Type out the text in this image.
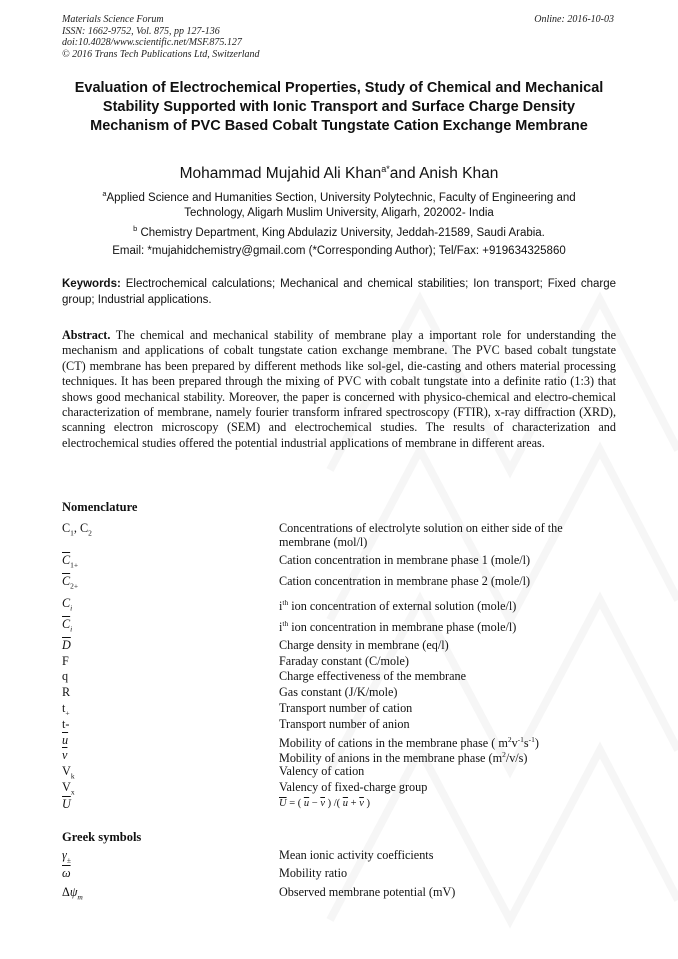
Materials Science Forum
ISSN: 1662-9752, Vol. 875, pp 127-136
doi:10.4028/www.scientific.net/MSF.875.127
© 2016 Trans Tech Publications Ltd, Switzerland
Online: 2016-10-03
Evaluation of Electrochemical Properties, Study of Chemical and Mechanical Stability Supported with Ionic Transport and Surface Charge Density Mechanism of PVC Based Cobalt Tungstate Cation Exchange Membrane
Mohammad Mujahid Ali Khan$^{a*}$and Anish Khan
$^a$Applied Science and Humanities Section, University Polytechnic, Faculty of Engineering and
Technology, Aligarh Muslim University, Aligarh, 202002- India
$^b$ Chemistry Department, King Abdulaziz University, Jeddah-21589, Saudi Arabia.
Email: *mujahidchemistry@gmail.com (*Corresponding Author); Tel/Fax: +919634325860
Keywords: Electrochemical calculations; Mechanical and chemical stabilities; Ion transport; Fixed charge group; Industrial applications.
Abstract. The chemical and mechanical stability of membrane play a important role for understanding the mechanism and applications of cobalt tungstate cation exchange membrane. The PVC based cobalt tungstate (CT) membrane has been prepared by different methods like sol-gel, die-casting and others material processing techniques. It has been prepared through the mixing of PVC with cobalt tungstate into a definite ratio (1:3) that shows good mechanical stability. Moreover, the paper is concerned with physico-chemical and electro-chemical characterization of membrane, namely fourier transform infrared spectroscopy (FTIR), x-ray diffraction (XRD), scanning electron microscopy (SEM) and electrochemical studies. The results of characterization and electrochemical studies offered the potential industrial applications of membrane in different areas.
Nomenclature
$C_1$, $C_2$	Concentrations of electrolyte solution on either side of the
membrane (mol/l)
$\overline{C}_{1+}$	Cation concentration in membrane phase 1 (mole/l)
$\overline{C}_{2+}$	Cation concentration in membrane phase 2 (mole/l)
$C_i$	$i^{th}$ ion concentration of external solution (mole/l)
$\overline{C}_i$	$i^{th}$ ion concentration in membrane phase (mole/l)
$\overline{D}$	Charge density in membrane (eq/l)
F	Faraday constant (C/mole)
q	Charge effectiveness of the membrane
R	Gas constant (J/K/mole)
$t_+$	Transport number of cation
t-	Transport number of anion
$\overline{u}$	Mobility of cations in the membrane phase ( $m^2v^{-1}s^{-1}$)
$\overline{v}$	Mobility of anions in the membrane phase $(m^2/v/s)$
$V_k$	Valency of cation
$V_x$	Valency of fixed-charge group
$\overline{U}$	$\overline{U}$ = ( $\overline{u} - \overline{v}$ ) /( $\overline{u} + \overline{v}$ )
Greek symbols
$\gamma_\pm$	Mean ionic activity coefficients
$\overline{\omega}$	Mobility ratio
$\Delta\psi_m$	Observed membrane potential (mV)
